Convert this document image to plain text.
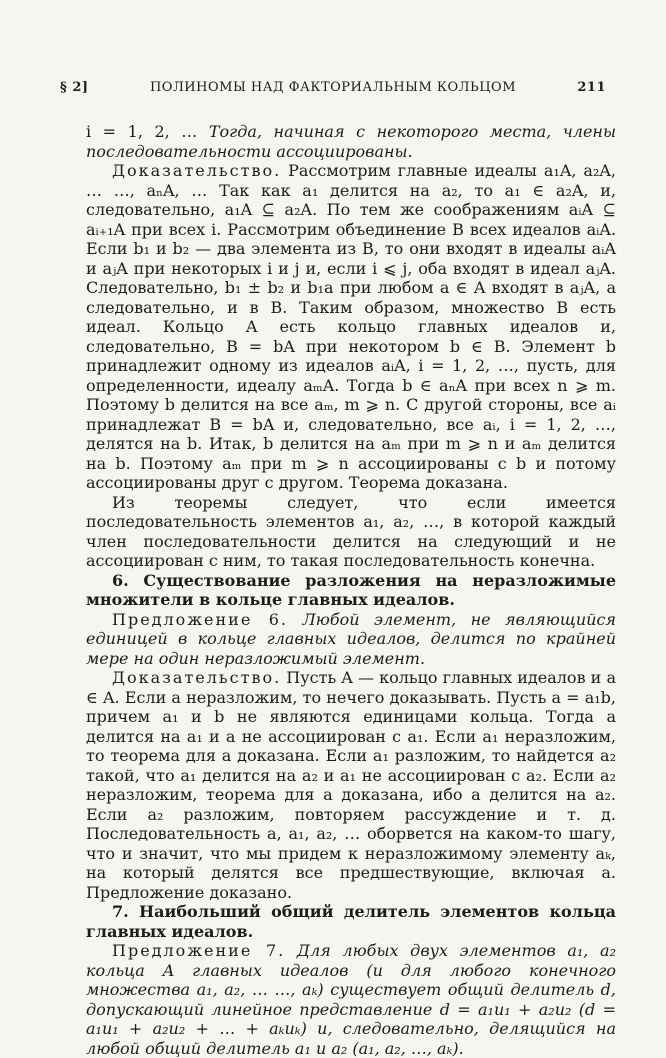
§ 2]	ПОЛИНОМЫ НАД ФАКТОРИАЛЬНЫМ КОЛЬЦОМ	211

i = 1, 2, … Тогда, начиная с некоторого места, члены последовательности ассоциированы.

Доказательство. Рассмотрим главные идеалы a₁A, a₂A, … …, aₙA, … Так как a₁ делится на a₂, то a₁ ∈ a₂A, и, следовательно, a₁A ⊆ a₂A. По тем же соображениям aᵢA ⊆ aᵢ₊₁A при всех i. Рассмотрим объединение B всех идеалов aᵢA. Если b₁ и b₂ — два элемента из B, то они входят в идеалы aᵢA и aⱼA при некоторых i и j и, если i ⩽ j, оба входят в идеал aⱼA. Следовательно, b₁ ± b₂ и b₁a при любом a ∈ A входят в aⱼA, а следовательно, и в B. Таким образом, множество B есть идеал. Кольцо A есть кольцо главных идеалов и, следовательно, B = bA при некотором b ∈ B. Элемент b принадлежит одному из идеалов aᵢA, i = 1, 2, …, пусть, для определенности, идеалу aₘA. Тогда b ∈ aₙA при всех n ⩾ m. Поэтому b делится на все aₘ, m ⩾ n. С другой стороны, все aᵢ принадлежат B = bA и, следовательно, все aᵢ, i = 1, 2, …, делятся на b. Итак, b делится на aₘ при m ⩾ n и aₘ делится на b. Поэтому aₘ при m ⩾ n ассоциированы с b и потому ассоциированы друг с другом. Теорема доказана.

Из теоремы следует, что если имеется последовательность элементов a₁, a₂, …, в которой каждый член последовательности делится на следующий и не ассоциирован с ним, то такая последовательность конечна.

6. Существование разложения на неразложимые множители в кольце главных идеалов.

Предложение 6. Любой элемент, не являющийся единицей в кольце главных идеалов, делится по крайней мере на один неразложимый элемент.

Доказательство. Пусть A — кольцо главных идеалов и a ∈ A. Если a неразложим, то нечего доказывать. Пусть a = a₁b, причем a₁ и b не являются единицами кольца. Тогда a делится на a₁ и a не ассоциирован с a₁. Если a₁ неразложим, то теорема для a доказана. Если a₁ разложим, то найдется a₂ такой, что a₁ делится на a₂ и a₁ не ассоциирован с a₂. Если a₂ неразложим, теорема для a доказана, ибо a делится на a₂. Если a₂ разложим, повторяем рассуждение и т. д. Последовательность a, a₁, a₂, … оборвется на каком-то шагу, что и значит, что мы придем к неразложимому элементу aₖ, на который делятся все предшествующие, включая a. Предложение доказано.

7. Наибольший общий делитель элементов кольца главных идеалов.

Предложение 7. Для любых двух элементов a₁, a₂ кольца A главных идеалов (и для любого конечного множества a₁, a₂, … …, aₖ) существует общий делитель d, допускающий линейное представление d = a₁u₁ + a₂u₂ (d = a₁u₁ + a₂u₂ + … + aₖuₖ) и, следовательно, делящийся на любой общий делитель a₁ и a₂ (a₁, a₂, …, aₖ).
